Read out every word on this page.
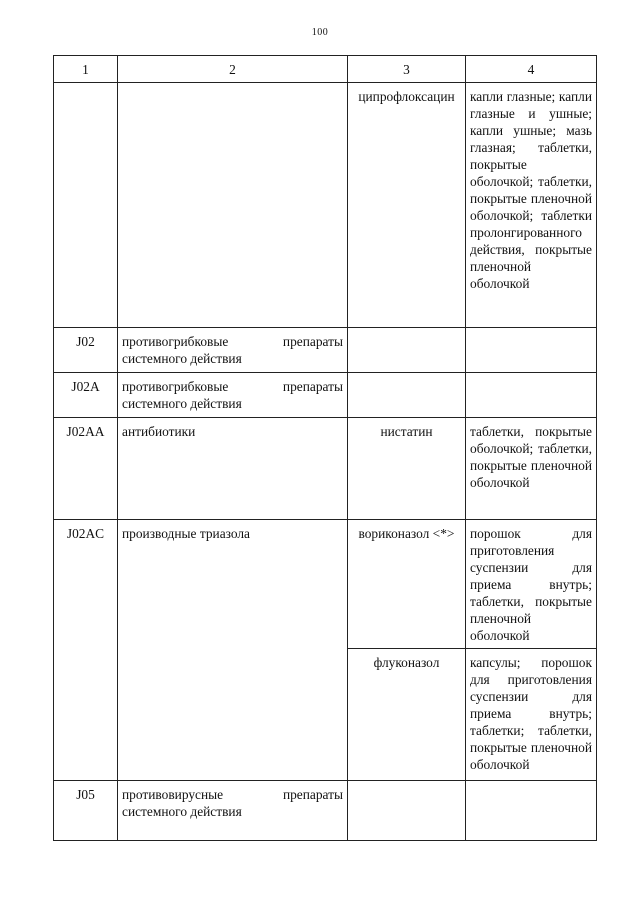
100
1	2	3	4
		ципрофлоксацин	капли глазные; капли глазные и ушные; капли ушные; мазь глазная; таблетки, покрытые оболочкой; таблетки, покрытые пленочной оболочкой; таблетки пролонгированного действия, покрытые пленочной оболочкой
J02	противогрибковые препараты системного действия		
J02A	противогрибковые препараты системного действия		
J02AA	антибиотики	нистатин	таблетки, покрытые оболочкой; таблетки, покрытые пленочной оболочкой
J02AC	производные триазола	вориконазол <*>	порошок для приготовления суспензии для приема внутрь; таблетки, покрытые пленочной оболочкой
		флуконазол	капсулы; порошок для приготовления суспензии для приема внутрь; таблетки; таблетки, покрытые пленочной оболочкой
J05	противовирусные препараты системного действия		
